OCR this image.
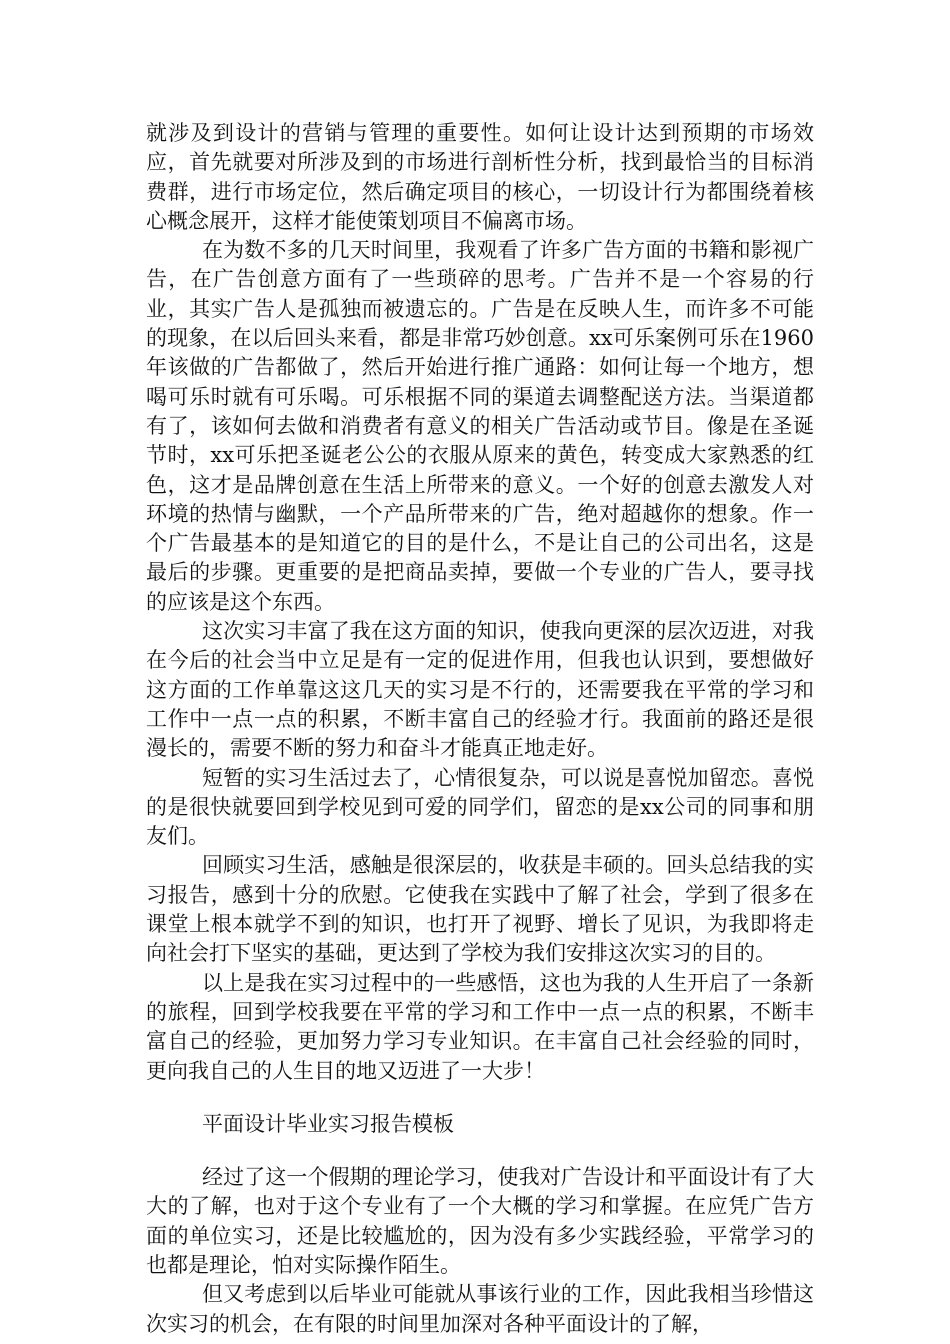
就涉及到设计的营销与管理的重要性。如何让设计达到预期的市场效应，首先就要对所涉及到的市场进行剖析性分析，找到最恰当的目标消费群，进行市场定位，然后确定项目的核心，一切设计行为都围绕着核心概念展开，这样才能使策划项目不偏离市场。

在为数不多的几天时间里，我观看了许多广告方面的书籍和影视广告，在广告创意方面有了一些琐碎的思考。广告并不是一个容易的行业，其实广告人是孤独而被遗忘的。广告是在反映人生，而许多不可能的现象，在以后回头来看，都是非常巧妙创意。xx可乐案例可乐在1960年该做的广告都做了，然后开始进行推广通路：如何让每一个地方，想喝可乐时就有可乐喝。可乐根据不同的渠道去调整配送方法。当渠道都有了，该如何去做和消费者有意义的相关广告活动或节目。像是在圣诞节时，xx可乐把圣诞老公公的衣服从原来的黄色，转变成大家熟悉的红色，这才是品牌创意在生活上所带来的意义。一个好的创意去激发人对环境的热情与幽默，一个产品所带来的广告，绝对超越你的想象。作一个广告最基本的是知道它的目的是什么，不是让自己的公司出名，这是最后的步骤。更重要的是把商品卖掉，要做一个专业的广告人，要寻找的应该是这个东西。

这次实习丰富了我在这方面的知识，使我向更深的层次迈进，对我在今后的社会当中立足是有一定的促进作用，但我也认识到，要想做好这方面的工作单靠这这几天的实习是不行的，还需要我在平常的学习和工作中一点一点的积累，不断丰富自己的经验才行。我面前的路还是很漫长的，需要不断的努力和奋斗才能真正地走好。

短暂的实习生活过去了，心情很复杂，可以说是喜悦加留恋。喜悦的是很快就要回到学校见到可爱的同学们，留恋的是xx公司的同事和朋友们。

回顾实习生活，感触是很深层的，收获是丰硕的。回头总结我的实习报告，感到十分的欣慰。它使我在实践中了解了社会，学到了很多在课堂上根本就学不到的知识，也打开了视野、增长了见识，为我即将走向社会打下坚实的基础，更达到了学校为我们安排这次实习的目的。

以上是我在实习过程中的一些感悟，这也为我的人生开启了一条新的旅程，回到学校我要在平常的学习和工作中一点一点的积累，不断丰富自己的经验，更加努力学习专业知识。在丰富自己社会经验的同时，更向我自己的人生目的地又迈进了一大步！

平面设计毕业实习报告模板

经过了这一个假期的理论学习，使我对广告设计和平面设计有了大大的了解，也对于这个专业有了一个大概的学习和掌握。在应凭广告方面的单位实习，还是比较尴尬的，因为没有多少实践经验，平常学习的也都是理论，怕对实际操作陌生。

但又考虑到以后毕业可能就从事该行业的工作，因此我相当珍惜这次实习的机会，在有限的时间里加深对各种平面设计的了解，
